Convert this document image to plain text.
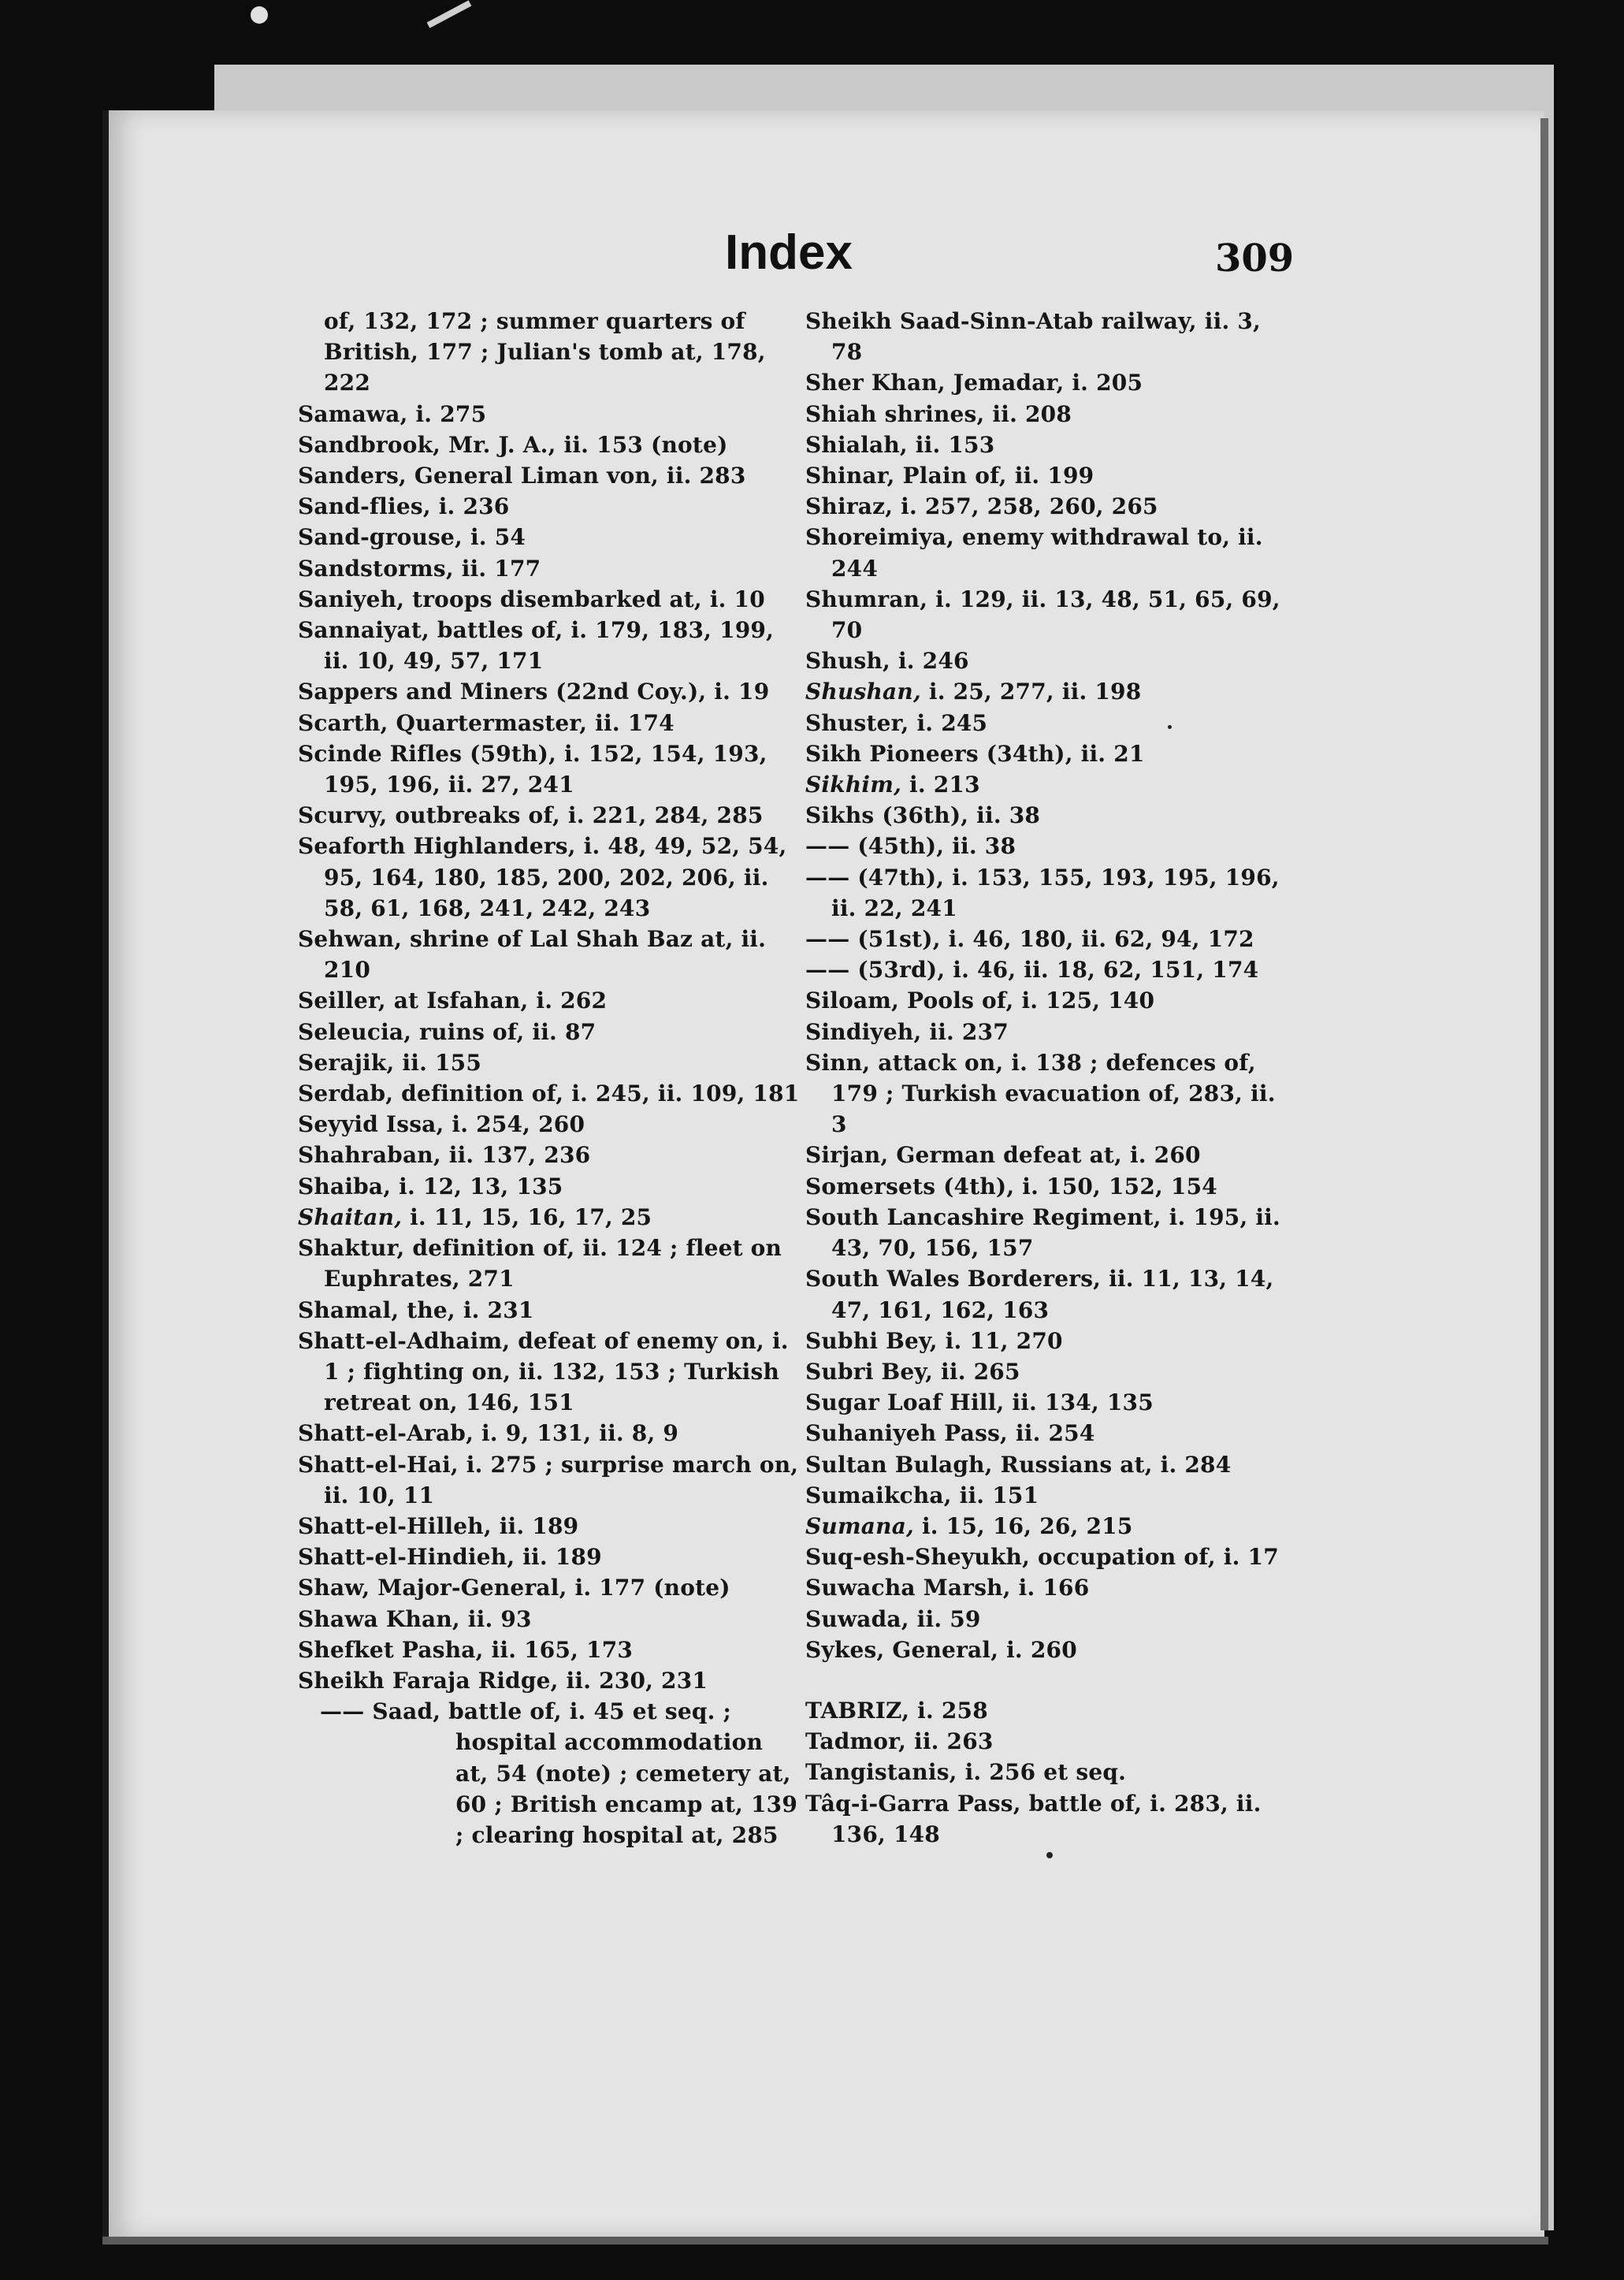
Index	309
of, 132, 172 ; summer quarters of British, 177 ; Julian's tomb at, 178, 222
Samawa, i. 275
Sandbrook, Mr. J. A., ii. 153 (note)
Sanders, General Liman von, ii. 283
Sand-flies, i. 236
Sand-grouse, i. 54
Sandstorms, ii. 177
Saniyeh, troops disembarked at, i. 10
Sannaiyat, battles of, i. 179, 183, 199, ii. 10, 49, 57, 171
Sappers and Miners (22nd Coy.), i. 19
Scarth, Quartermaster, ii. 174
Scinde Rifles (59th), i. 152, 154, 193, 195, 196, ii. 27, 241
Scurvy, outbreaks of, i. 221, 284, 285
Seaforth Highlanders, i. 48, 49, 52, 54, 95, 164, 180, 185, 200, 202, 206, ii. 58, 61, 168, 241, 242, 243
Sehwan, shrine of Lal Shah Baz at, ii. 210
Seiller, at Isfahan, i. 262
Seleucia, ruins of, ii. 87
Serajik, ii. 155
Serdab, definition of, i. 245, ii. 109, 181
Seyyid Issa, i. 254, 260
Shahraban, ii. 137, 236
Shaiba, i. 12, 13, 135
Shaitan, i. 11, 15, 16, 17, 25
Shaktur, definition of, ii. 124 ; fleet on Euphrates, 271
Shamal, the, i. 231
Shatt-el-Adhaim, defeat of enemy on, i. 1 ; fighting on, ii. 132, 153 ; Turkish retreat on, 146, 151
Shatt-el-Arab, i. 9, 131, ii. 8, 9
Shatt-el-Hai, i. 275 ; surprise march on, ii. 10, 11
Shatt-el-Hilleh, ii. 189
Shatt-el-Hindieh, ii. 189
Shaw, Major-General, i. 177 (note)
Shawa Khan, ii. 93
Shefket Pasha, ii. 165, 173
Sheikh Faraja Ridge, ii. 230, 231
—— Saad, battle of, i. 45 et seq. ; hospital accommodation at, 54 (note) ; cemetery at, 60 ; British encamp at, 139 ; clearing hospital at, 285
Sheikh Saad-Sinn-Atab railway, ii. 3, 78
Sher Khan, Jemadar, i. 205
Shiah shrines, ii. 208
Shialah, ii. 153
Shinar, Plain of, ii. 199
Shiraz, i. 257, 258, 260, 265
Shoreimiya, enemy withdrawal to, ii. 244
Shumran, i. 129, ii. 13, 48, 51, 65, 69, 70
Shush, i. 246
Shushan, i. 25, 277, ii. 198
Shuster, i. 245
Sikh Pioneers (34th), ii. 21
Sikhim, i. 213
Sikhs (36th), ii. 38
—— (45th), ii. 38
—— (47th), i. 153, 155, 193, 195, 196, ii. 22, 241
—— (51st), i. 46, 180, ii. 62, 94, 172
—— (53rd), i. 46, ii. 18, 62, 151, 174
Siloam, Pools of, i. 125, 140
Sindiyeh, ii. 237
Sinn, attack on, i. 138 ; defences of, 179 ; Turkish evacuation of, 283, ii. 3
Sirjan, German defeat at, i. 260
Somersets (4th), i. 150, 152, 154
South Lancashire Regiment, i. 195, ii. 43, 70, 156, 157
South Wales Borderers, ii. 11, 13, 14, 47, 161, 162, 163
Subhi Bey, i. 11, 270
Subri Bey, ii. 265
Sugar Loaf Hill, ii. 134, 135
Suhaniyeh Pass, ii. 254
Sultan Bulagh, Russians at, i. 284
Sumaikcha, ii. 151
Sumana, i. 15, 16, 26, 215
Suq-esh-Sheyukh, occupation of, i. 17
Suwacha Marsh, i. 166
Suwada, ii. 59
Sykes, General, i. 260
TABRIZ, i. 258
Tadmor, ii. 263
Tangistanis, i. 256 et seq.
Tâq-i-Garra Pass, battle of, i. 283, ii. 136, 148
